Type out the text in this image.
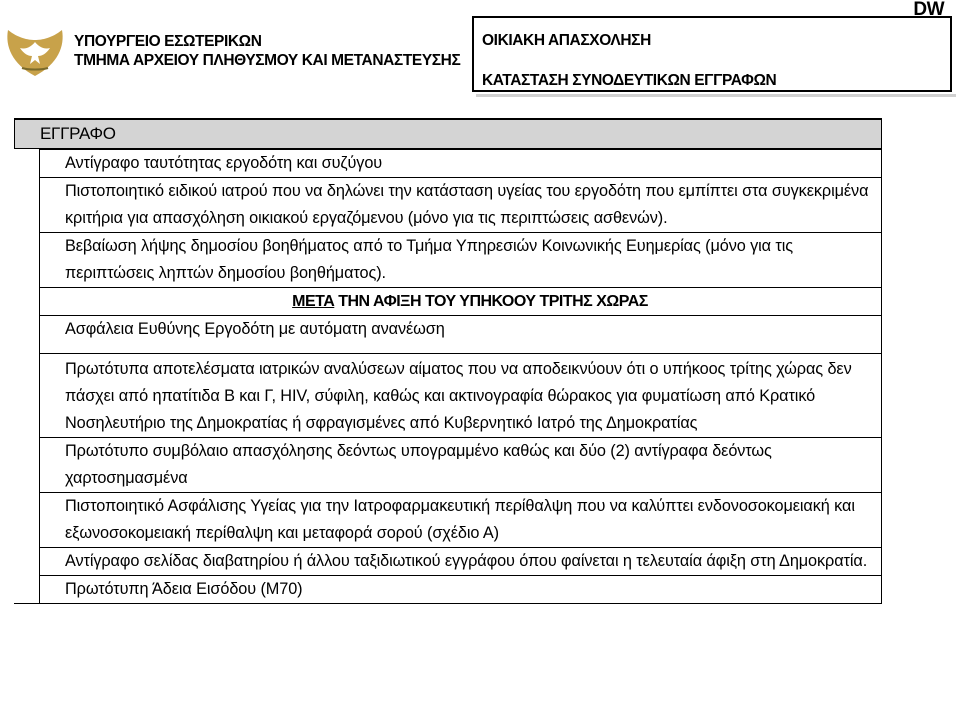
ΥΠΟΥΡΓΕΙΟ ΕΣΩΤΕΡΙΚΩΝ
ΤΜΗΜΑ ΑΡΧΕΙΟΥ ΠΛΗΘΥΣΜΟΥ ΚΑΙ ΜΕΤΑΝΑΣΤΕΥΣΗΣ
DW
ΟΙΚΙΑΚΗ ΑΠΑΣΧΟΛΗΣΗ
ΚΑΤΑΣΤΑΣΗ ΣΥΝΟΔΕΥΤΙΚΩΝ ΕΓΓΡΑΦΩΝ
ΕΓΓΡΑΦΟ
Αντίγραφο ταυτότητας εργοδότη και συζύγου
Πιστοποιητικό ειδικού ιατρού που να δηλώνει την κατάσταση υγείας του εργοδότη που εμπίπτει στα συγκεκριμένα κριτήρια για απασχόληση οικιακού εργαζόμενου (μόνο για τις περιπτώσεις ασθενών).
Βεβαίωση λήψης δημοσίου βοηθήματος από το Τμήμα Υπηρεσιών Κοινωνικής Ευημερίας (μόνο για τις περιπτώσεις ληπτών δημοσίου βοηθήματος).
ΜΕΤΑ ΤΗΝ ΑΦΙΞΗ ΤΟΥ ΥΠΗΚΟΟΥ ΤΡΙΤΗΣ ΧΩΡΑΣ
Ασφάλεια Ευθύνης Εργοδότη με αυτόματη ανανέωση
Πρωτότυπα αποτελέσματα ιατρικών αναλύσεων αίματος που να αποδεικνύουν ότι ο υπήκοος τρίτης χώρας δεν πάσχει από ηπατίτιδα Β και Γ, HIV, σύφιλη, καθώς και ακτινογραφία θώρακος για φυματίωση από Κρατικό Νοσηλευτήριο της Δημοκρατίας ή σφραγισμένες από Κυβερνητικό Ιατρό της Δημοκρατίας
Πρωτότυπο συμβόλαιο απασχόλησης δεόντως υπογραμμένο καθώς και δύο (2) αντίγραφα δεόντως χαρτοσημασμένα
Πιστοποιητικό Ασφάλισης Υγείας για την Ιατροφαρμακευτική περίθαλψη που να καλύπτει ενδονοσοκομειακή και εξωνοσοκομειακή περίθαλψη και μεταφορά σορού (σχέδιο Α)
Αντίγραφο σελίδας διαβατηρίου ή άλλου ταξιδιωτικού εγγράφου όπου φαίνεται η τελευταία άφιξη στη Δημοκρατία.
Πρωτότυπη Άδεια Εισόδου (Μ70)
